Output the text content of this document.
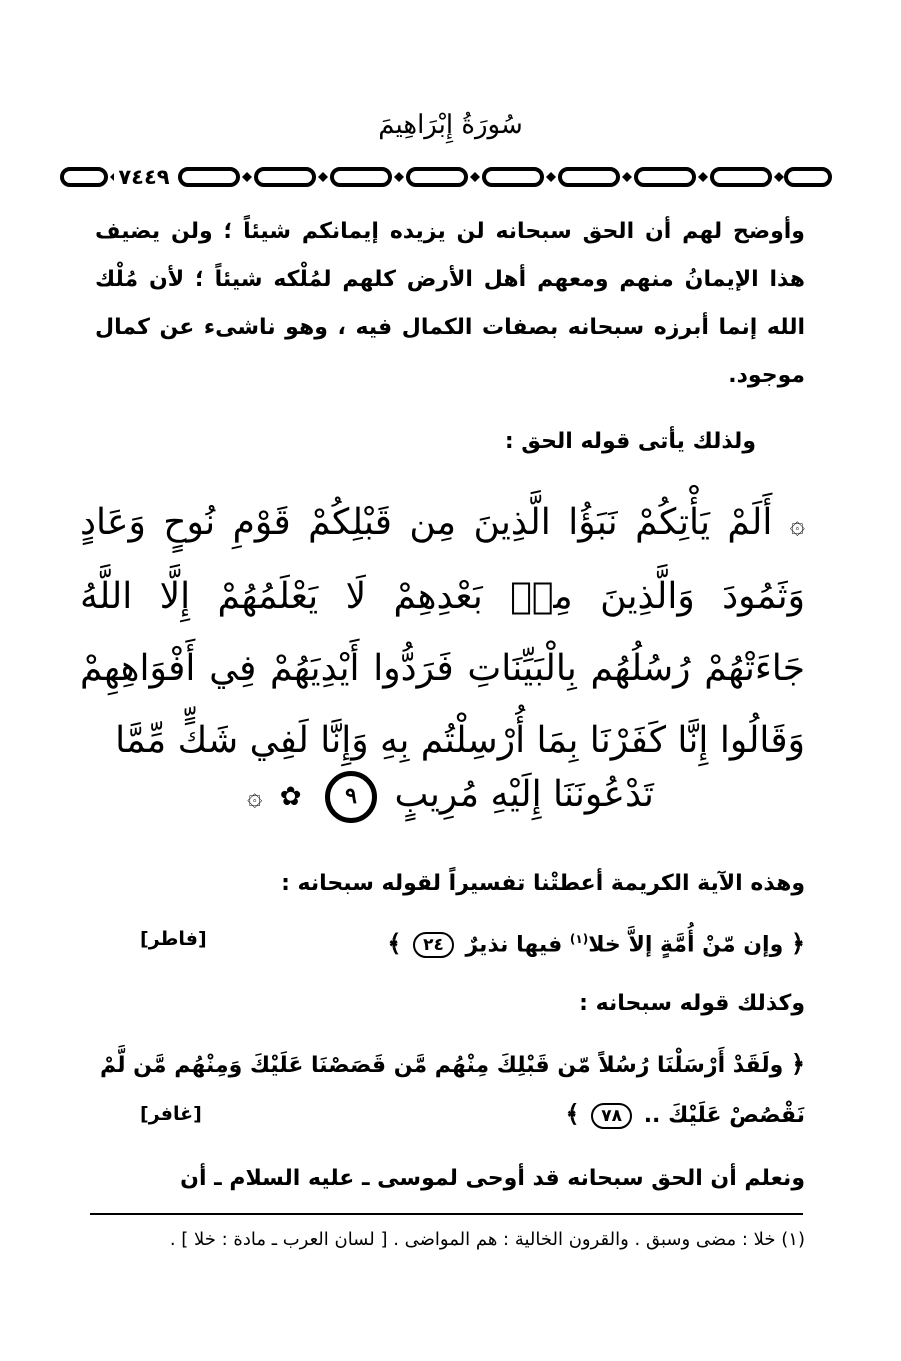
سُورَةُ إِبْرَاهِيمَ
٧٤٤٩
وأوضح لهم أن الحق سبحانه لن يزيده إيمانكم شيئاً ؛ ولن يضيف هذا الإيمانُ منهم ومعهم أهل الأرض كلهم لمُلْكه شيئاً ؛ لأن مُلْك الله إنما أبرزه سبحانه بصفات الكمال فيه ، وهو ناشىء عن كمال موجود.
ولذلك يأتى قوله الحق :
۞ أَلَمْ يَأْتِكُمْ نَبَؤُا الَّذِينَ مِن قَبْلِكُمْ قَوْمِ نُوحٍ وَعَادٍ وَثَمُودَ وَالَّذِينَ مِنۢ بَعْدِهِمْ لَا يَعْلَمُهُمْ إِلَّا اللَّهُ جَاءَتْهُمْ رُسُلُهُم بِالْبَيِّنَاتِ فَرَدُّوا أَيْدِيَهُمْ فِي أَفْوَاهِهِمْ وَقَالُوا إِنَّا كَفَرْنَا بِمَا أُرْسِلْتُم بِهِ وَإِنَّا لَفِي شَكٍّ مِّمَّا
تَدْعُونَنَا إِلَيْهِ مُرِيبٍ ٩ ✿ ۞
وهذه الآية الكريمة أعطتْنا تفسيراً لقوله سبحانه :
﴿ وإن مّنْ أُمَّةٍ إلاَّ خلا$^{(١)}$ فيها نذيرٌ ٢٤ ﴾
[فاطر]
وكذلك قوله سبحانه :
﴿ ولَقَدْ أَرْسَلْنَا رُسُلاً مّن قَبْلِكَ مِنْهُم مَّن قَصَصْنَا عَلَيْكَ وَمِنْهُم مَّن لَّمْ
نَقْصُصْ عَلَيْكَ .. ٧٨ ﴾
[غافر]
ونعلم أن الحق سبحانه قد أوحى لموسى ـ عليه السلام ـ أن
(١) خلا : مضى وسبق . والقرون الخالية : هم المواضى . [ لسان العرب ـ مادة : خلا ] .
